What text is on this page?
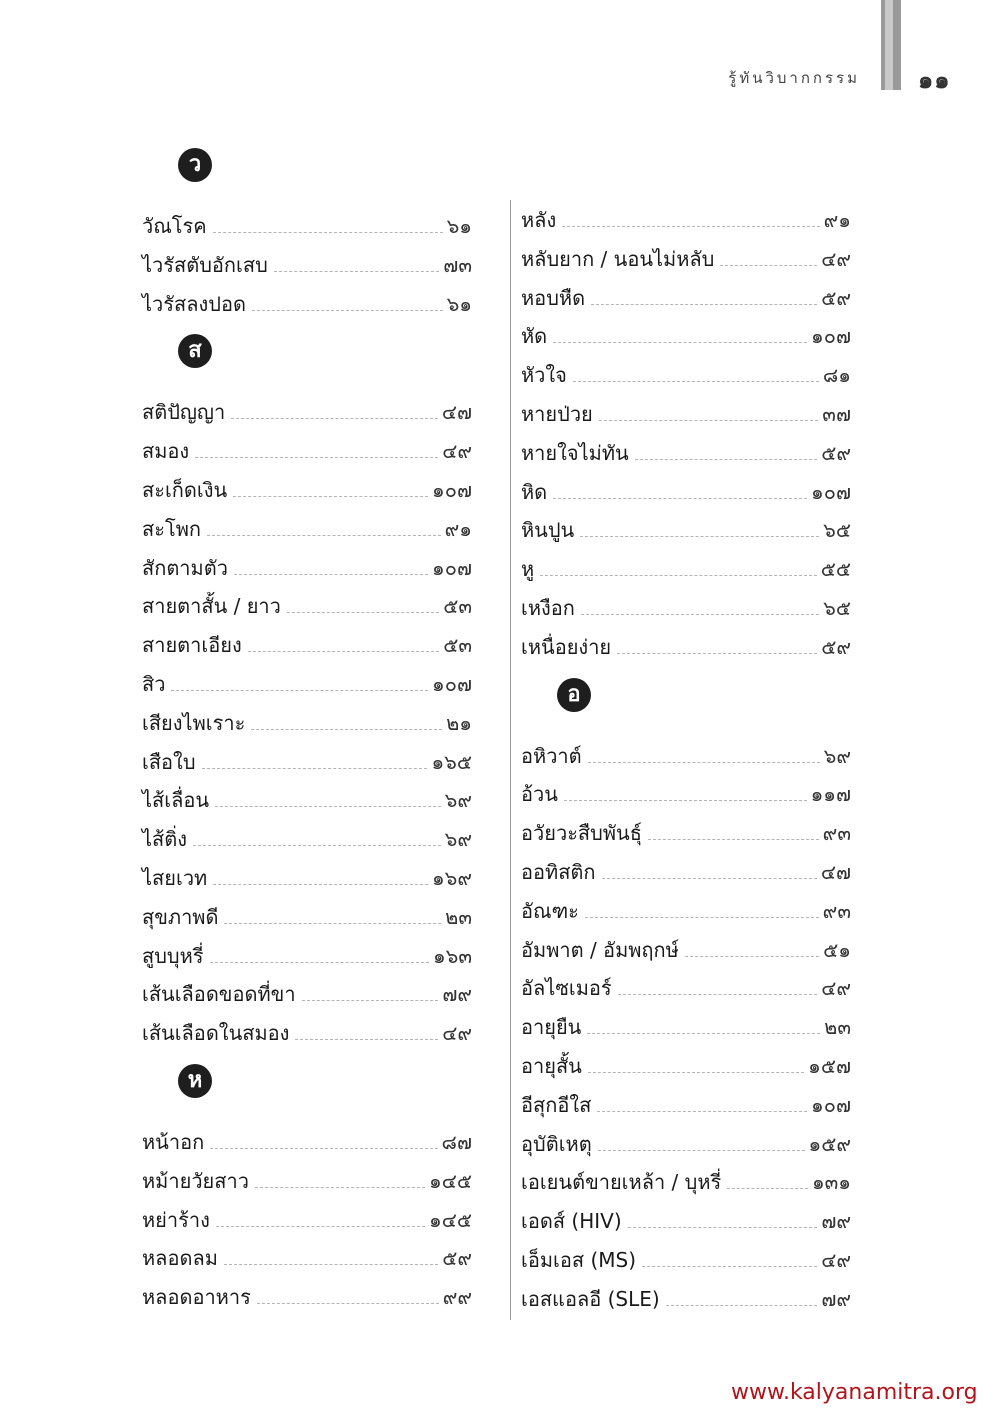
รู้ทันวิบากกรรม ๑๑
ว
วัณโรค	๖๑
ไวรัสตับอักเสบ	๗๓
ไวรัสลงปอด	๖๑
ส
สติปัญญา	๔๗
สมอง	๔๙
สะเก็ดเงิน	๑๐๗
สะโพก	๙๑
สักตามตัว	๑๐๗
สายตาสั้น / ยาว	๕๓
สายตาเอียง	๕๓
สิว	๑๐๗
เสียงไพเราะ	๒๑
เสือใบ	๑๖๕
ไส้เลื่อน	๖๙
ไส้ติ่ง	๖๙
ไสยเวท	๑๖๙
สุขภาพดี	๒๓
สูบบุหรี่	๑๖๓
เส้นเลือดขอดที่ขา	๗๙
เส้นเลือดในสมอง	๔๙
ห
หน้าอก	๘๗
หม้ายวัยสาว	๑๔๕
หย่าร้าง	๑๔๕
หลอดลม	๕๙
หลอดอาหาร	๙๙
หลัง	๙๑
หลับยาก / นอนไม่หลับ	๔๙
หอบหืด	๕๙
หัด	๑๐๗
หัวใจ	๘๑
หายป่วย	๓๗
หายใจไม่ทัน	๕๙
หิด	๑๐๗
หินปูน	๖๕
หู	๕๕
เหงือก	๖๕
เหนื่อยง่าย	๕๙
อ
อหิวาต์	๖๙
อ้วน	๑๑๗
อวัยวะสืบพันธุ์	๙๓
ออทิสติก	๔๗
อัณฑะ	๙๓
อัมพาต / อัมพฤกษ์	๕๑
อัลไซเมอร์	๔๙
อายุยืน	๒๓
อายุสั้น	๑๕๗
อีสุกอีใส	๑๐๗
อุบัติเหตุ	๑๕๙
เอเยนต์ขายเหล้า / บุหรี่	๑๓๑
เอดส์ (HIV)	๗๙
เอ็มเอส (MS)	๔๙
เอสแอลอี (SLE)	๗๙
www.kalyanamitra.org
